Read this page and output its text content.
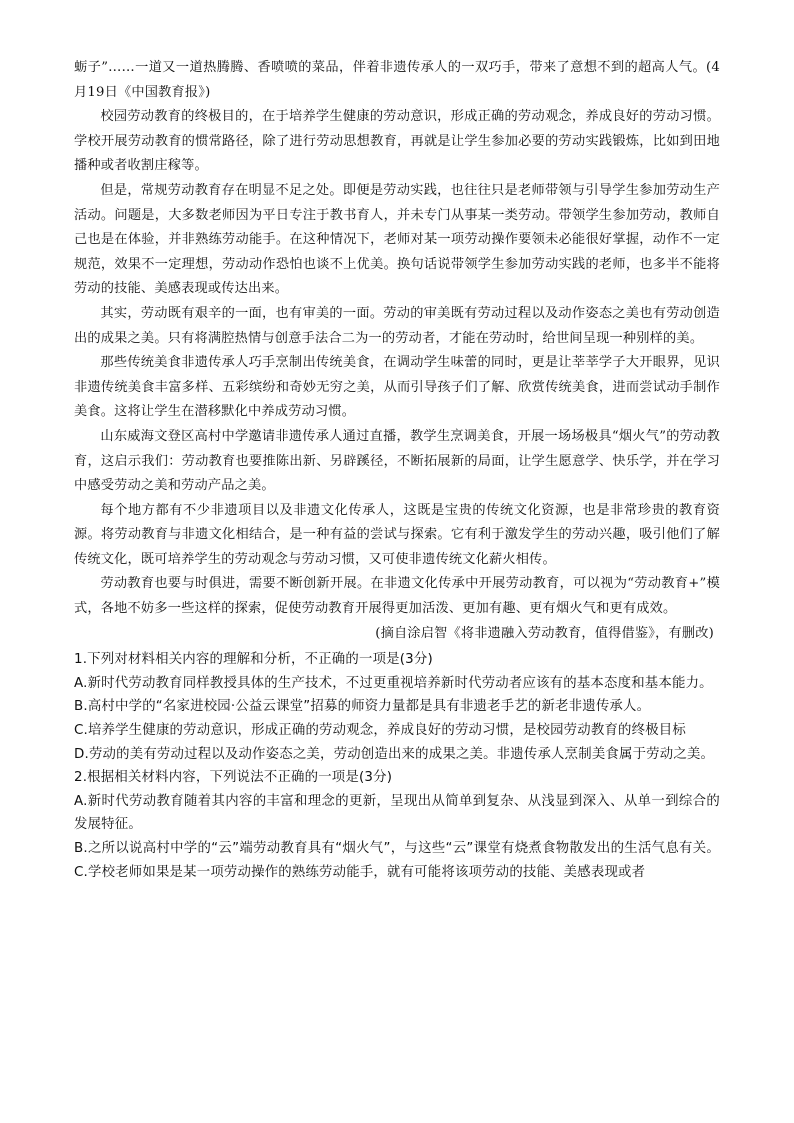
蛎子”……一道又一道热腾腾、香喷喷的菜品，伴着非遗传承人的一双巧手，带来了意想不到的超高人气。(4月19日《中国教育报》)

校园劳动教育的终极目的，在于培养学生健康的劳动意识，形成正确的劳动观念，养成良好的劳动习惯。学校开展劳动教育的惯常路径，除了进行劳动思想教育，再就是让学生参加必要的劳动实践锻炼，比如到田地播种或者收割庄稼等。

但是，常规劳动教育存在明显不足之处。即便是劳动实践，也往往只是老师带领与引导学生参加劳动生产活动。问题是，大多数老师因为平日专注于教书育人，并未专门从事某一类劳动。带领学生参加劳动，教师自己也是在体验，并非熟练劳动能手。在这种情况下，老师对某一项劳动操作要领未必能很好掌握，动作不一定规范，效果不一定理想，劳动动作恐怕也谈不上优美。换句话说带领学生参加劳动实践的老师，也多半不能将劳动的技能、美感表现或传达出来。

其实，劳动既有艰辛的一面，也有审美的一面。劳动的审美既有劳动过程以及动作姿态之美也有劳动创造出的成果之美。只有将满腔热情与创意手法合二为一的劳动者，才能在劳动时，给世间呈现一种别样的美。

那些传统美食非遗传承人巧手烹制出传统美食，在调动学生味蕾的同时，更是让莘莘学子大开眼界，见识非遗传统美食丰富多样、五彩缤纷和奇妙无穷之美，从而引导孩子们了解、欣赏传统美食，进而尝试动手制作美食。这将让学生在潜移默化中养成劳动习惯。

山东威海文登区高村中学邀请非遗传承人通过直播，教学生烹调美食，开展一场场极具“烟火气”的劳动教育，这启示我们：劳动教育也要推陈出新、另辟蹊径，不断拓展新的局面，让学生愿意学、快乐学，并在学习中感受劳动之美和劳动产品之美。

每个地方都有不少非遗项目以及非遗文化传承人，这既是宝贵的传统文化资源，也是非常珍贵的教育资源。将劳动教育与非遗文化相结合，是一种有益的尝试与探索。它有利于激发学生的劳动兴趣，吸引他们了解传统文化，既可培养学生的劳动观念与劳动习惯，又可使非遗传统文化薪火相传。

劳动教育也要与时俱进，需要不断创新开展。在非遗文化传承中开展劳动教育，可以视为“劳动教育+”模式，各地不妨多一些这样的探索，促使劳动教育开展得更加活泼、更加有趣、更有烟火气和更有成效。

(摘自涂启智《将非遗融入劳动教育，值得借鉴》，有删改)

1.下列对材料相关内容的理解和分析，不正确的一项是(3分)

A.新时代劳动教育同样教授具体的生产技术，不过更重视培养新时代劳动者应该有的基本态度和基本能力。

B.高村中学的“名家进校园·公益云课堂”招募的师资力量都是具有非遗老手艺的新老非遗传承人。

C.培养学生健康的劳动意识，形成正确的劳动观念，养成良好的劳动习惯，是校园劳动教育的终极目标

D.劳动的美有劳动过程以及动作姿态之美，劳动创造出来的成果之美。非遗传承人烹制美食属于劳动之美。

2.根据相关材料内容，下列说法不正确的一项是(3分)

A.新时代劳动教育随着其内容的丰富和理念的更新，呈现出从简单到复杂、从浅显到深入、从单一到综合的发展特征。

B.之所以说高村中学的“云”端劳动教育具有“烟火气”，与这些“云”课堂有烧煮食物散发出的生活气息有关。C.学校老师如果是某一项劳动操作的熟练劳动能手，就有可能将该项劳动的技能、美感表现或者
